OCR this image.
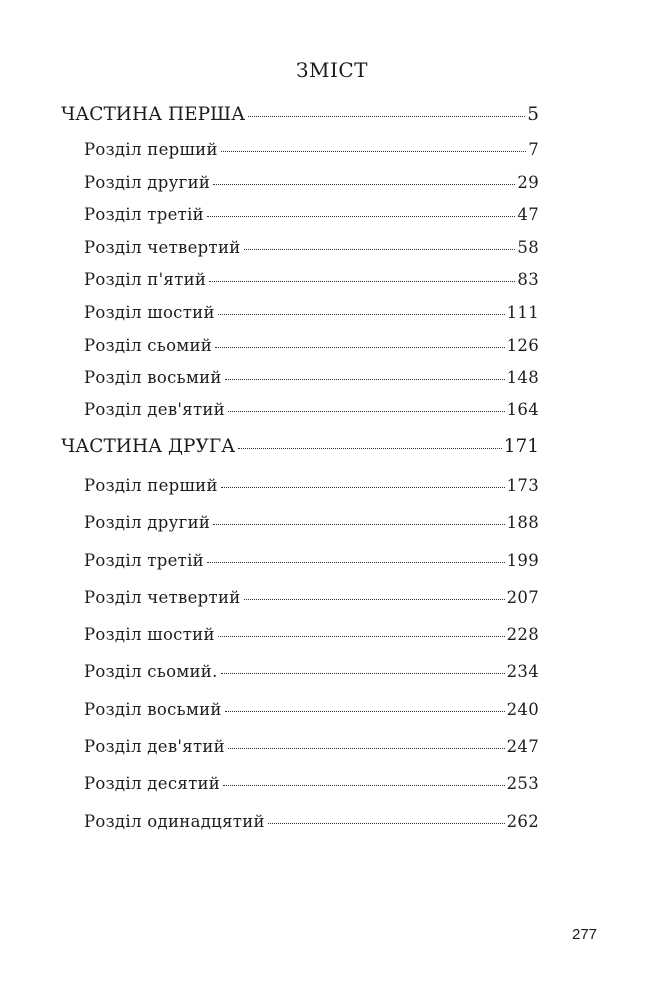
ЗМІСТ
ЧАСТИНА ПЕРША	5
Розділ перший	7
Розділ другий	29
Розділ третій	47
Розділ четвертий	58
Розділ п'ятий	83
Розділ шостий	111
Розділ сьомий	126
Розділ восьмий	148
Розділ дев'ятий	164
ЧАСТИНА ДРУГА	171
Розділ перший	173
Розділ другий	188
Розділ третій	199
Розділ четвертий	207
Розділ шостий	228
Розділ сьомий.	234
Розділ восьмий	240
Розділ дев'ятий	247
Розділ десятий	253
Розділ одинадцятий	262
277
